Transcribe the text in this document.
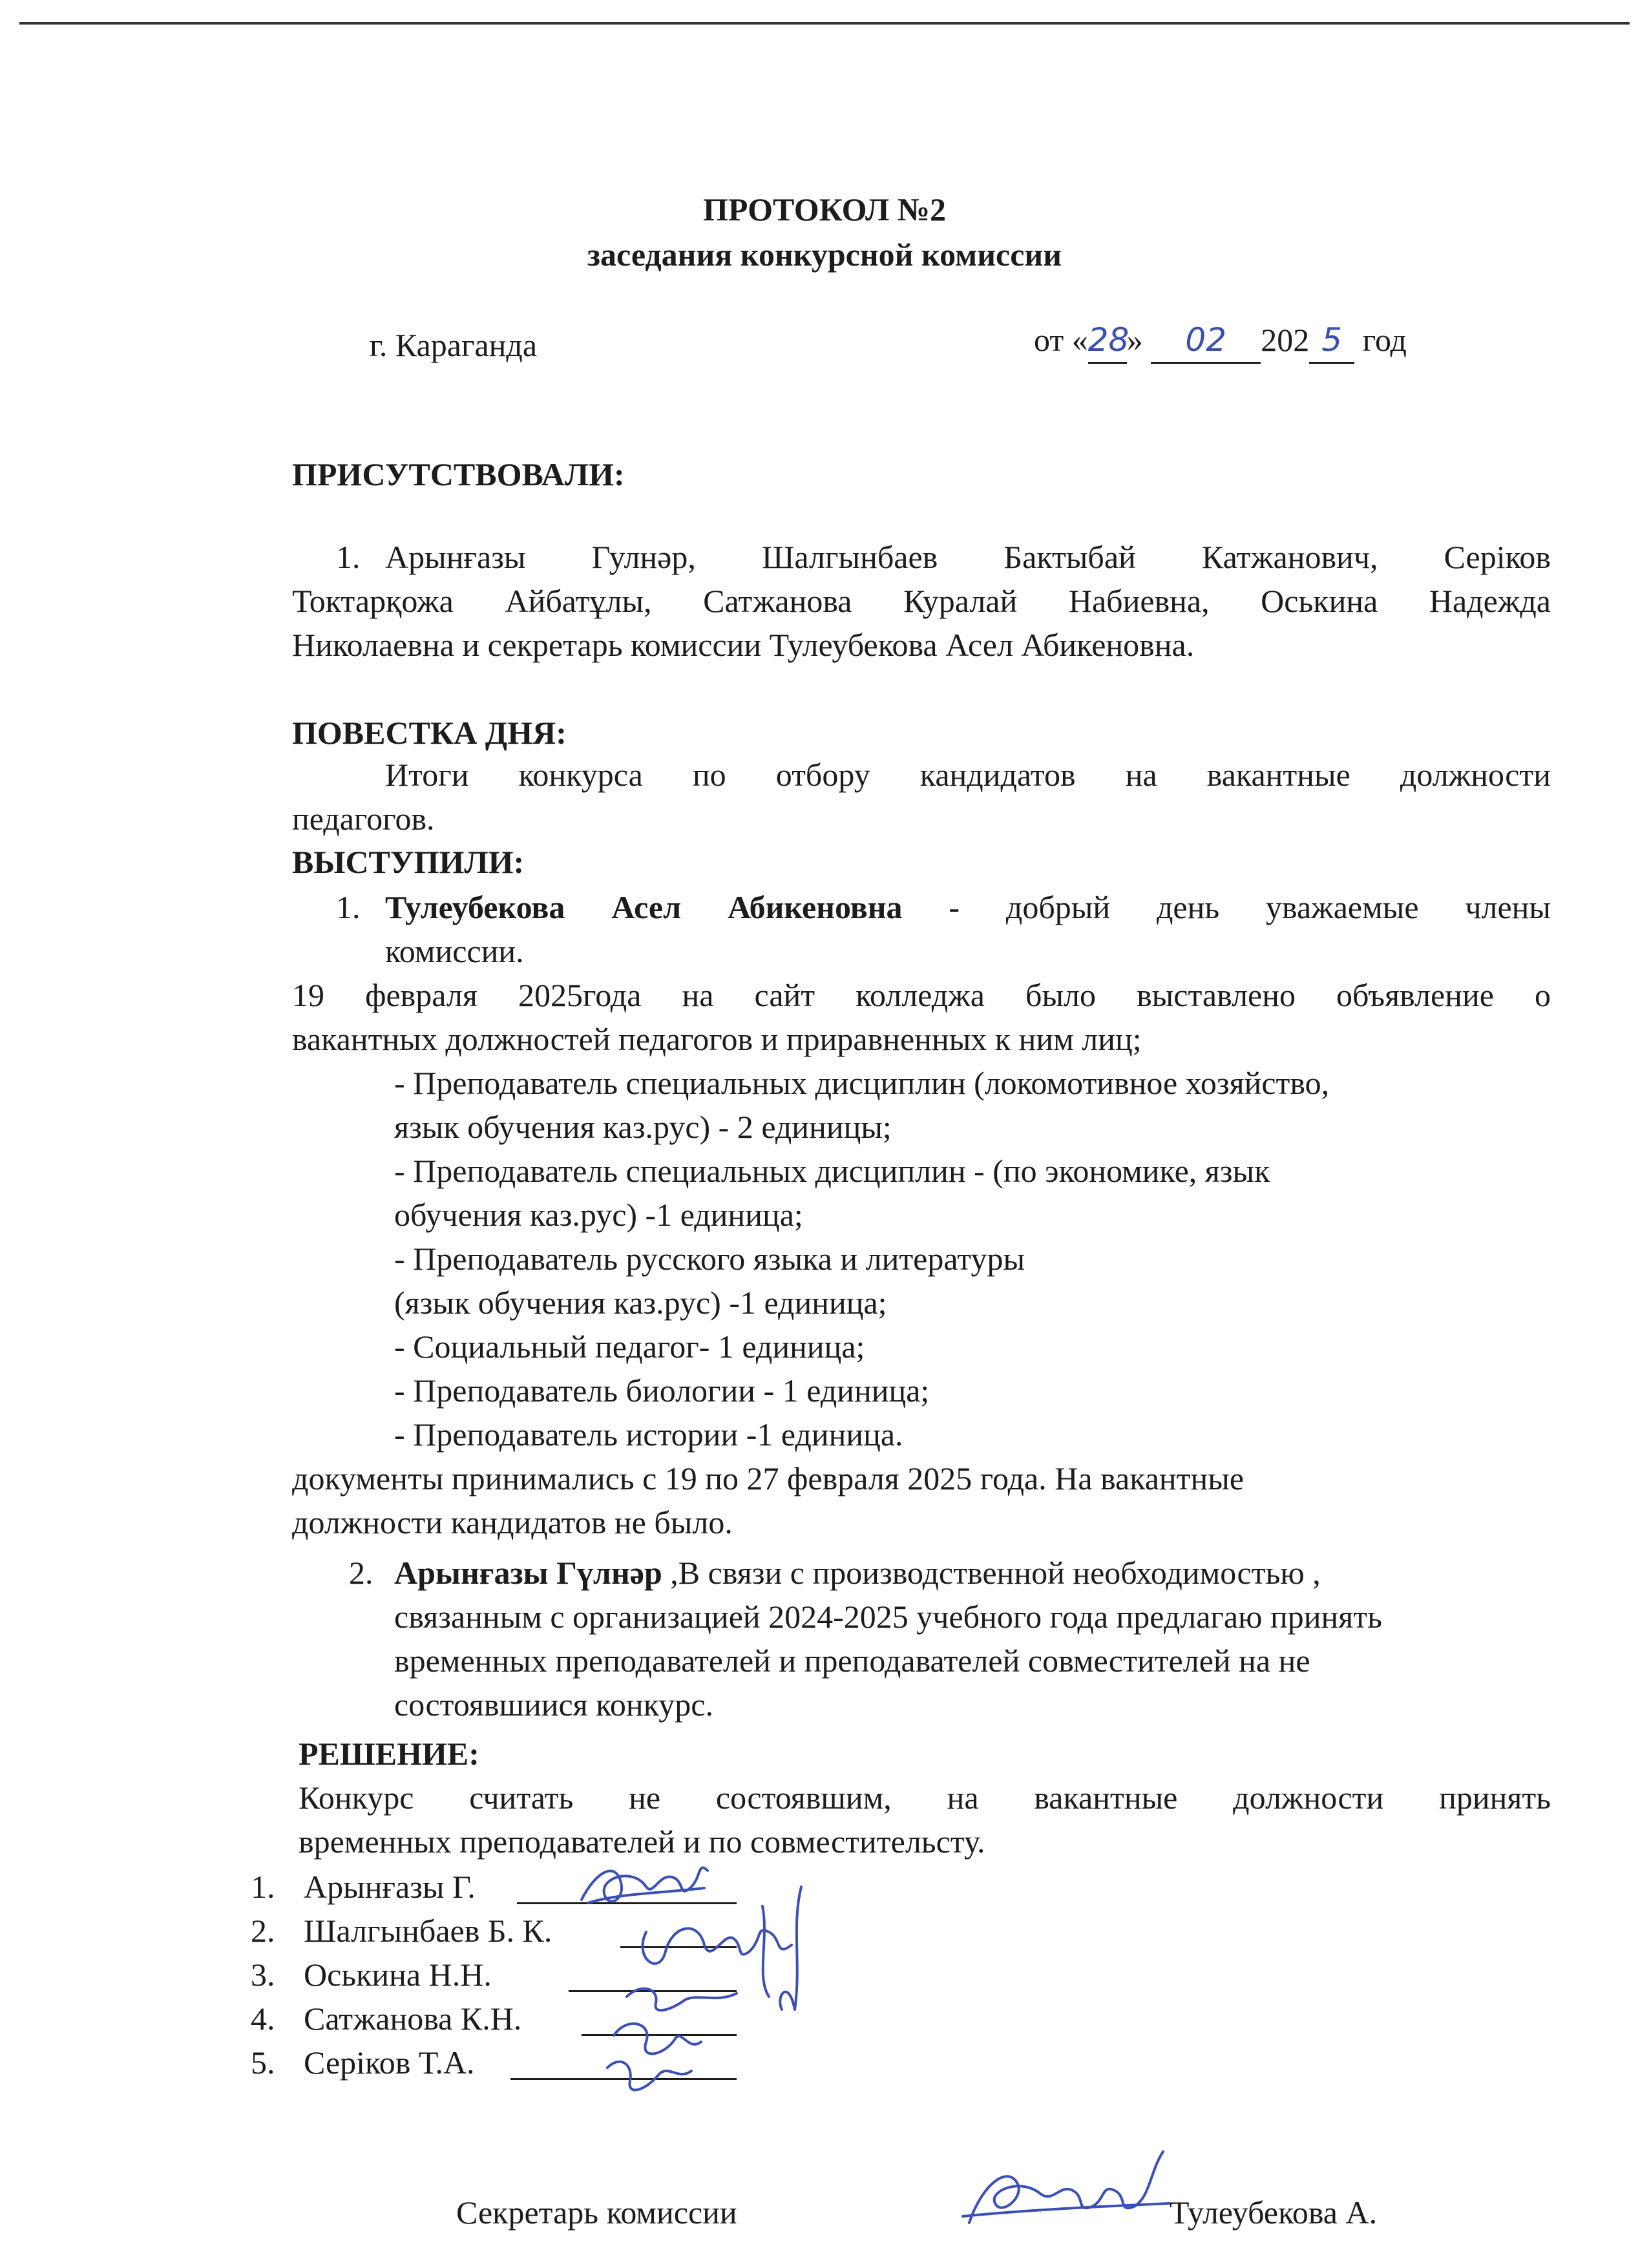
ПРОТОКОЛ №2
заседания конкурсной комиссии
г. Караганда	от «28» 02 202 5 год
ПРИСУТСТВОВАЛИ:
1. Арынғазы Гулнәр, Шалгынбаев Бактыбай Катжанович, Серіков
Токтарқожа Айбатұлы, Сатжанова Куралай Набиевна, Оськина Надежда
Николаевна и секретарь комиссии Тулеубекова Асел Абикеновна.
ПОВЕСТКА ДНЯ:
Итоги конкурса по отбору кандидатов на вакантные должности
педагогов.
ВЫСТУПИЛИ:
1. Тулеубекова Асел Абикеновна - добрый день уважаемые члены
комиссии.
19 февраля 2025года на сайт колледжа было выставлено объявление о
вакантных должностей педагогов и приравненных к ним лиц;
- Преподаватель специальных дисциплин (локомотивное хозяйство,
язык обучения каз.рус) - 2 единицы;
- Преподаватель специальных дисциплин - (по экономике, язык
обучения каз.рус) -1 единица;
- Преподаватель русского языка и литературы
(язык обучения каз.рус) -1 единица;
- Социальный педагог- 1 единица;
- Преподаватель биологии - 1 единица;
- Преподаватель истории -1 единица.
документы принимались с 19 по 27 февраля 2025 года. На вакантные
должности кандидатов не было.
2. Арынғазы Гүлнәр ,В связи с производственной необходимостью ,
связанным с организацией 2024-2025 учебного года предлагаю принять
временных преподавателей и преподавателей совместителей на не
состоявшиися конкурс.
РЕШЕНИЕ:
Конкурс считать не состоявшим, на вакантные должности принять
временных преподавателей и по совместительсту.
1. Арынғазы Г.
2. Шалгынбаев Б. К.
3. Оськина Н.Н.
4. Сатжанова К.Н.
5. Серіков Т.А.
Секретарь комиссии	Тулеубекова А.
